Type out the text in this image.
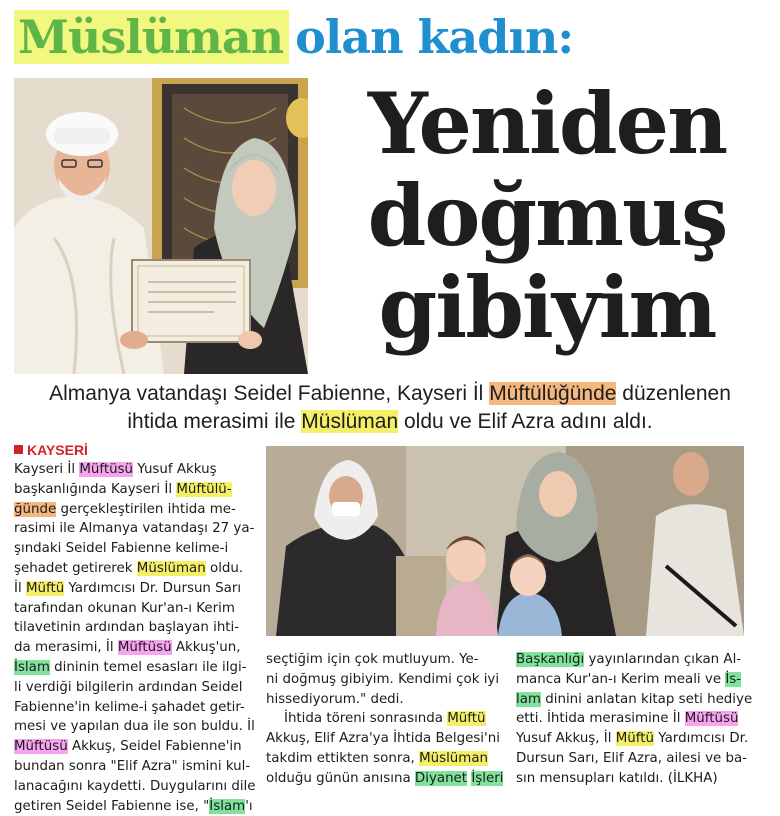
Müslüman olan kadın:
Yeniden
doğmuş
gibiyim

Almanya vatandaşı Seidel Fabienne, Kayseri İl Müftülüğünde düzenlenen

ihtida merasimi ile Müslüman oldu ve Elif Azra adını aldı.

KAYSERİ
Kayseri İl Müftüsü Yusuf Akkuş
başkanlığında Kayseri İl Müftülü-
ğünde gerçekleştirilen ihtida me-
rasimi ile Almanya vatandaşı 27 ya-
şındaki Seidel Fabienne kelime-i
şehadet getirerek Müslüman oldu.
İl Müftü Yardımcısı Dr. Dursun Sarı
tarafından okunan Kur'an-ı Kerim
tilavetinin ardından başlayan ihti-
da merasimi, İl Müftüsü Akkuş'un,
İslam dininin temel esasları ile ilgi-
li verdiği bilgilerin ardından Seidel
Fabienne'in kelime-i şahadet getir-
mesi ve yapılan dua ile son buldu. İl
Müftüsü Akkuş, Seidel Fabienne'in
bundan sonra "Elif Azra" ismini kul-
lanacağını kaydetti. Duygularını dile
getiren Seidel Fabienne ise, "İslam'ı
seçtiğim için çok mutluyum. Ye-
ni doğmuş gibiyim. Kendimi çok iyi
hissediyorum." dedi.
İhtida töreni sonrasında Müftü
Akkuş, Elif Azra'ya İhtida Belgesi'ni
takdim ettikten sonra, Müslüman
olduğu günün anısına Diyanet İşleri
Başkanlığı yayınlarından çıkan Al-
manca Kur'an-ı Kerim meali ve İs-
lam dinini anlatan kitap seti hediye
etti. İhtida merasimine İl Müftüsü
Yusuf Akkuş, İl Müftü Yardımcısı Dr.
Dursun Sarı, Elif Azra, ailesi ve ba-
sın mensupları katıldı. (İLKHA)
